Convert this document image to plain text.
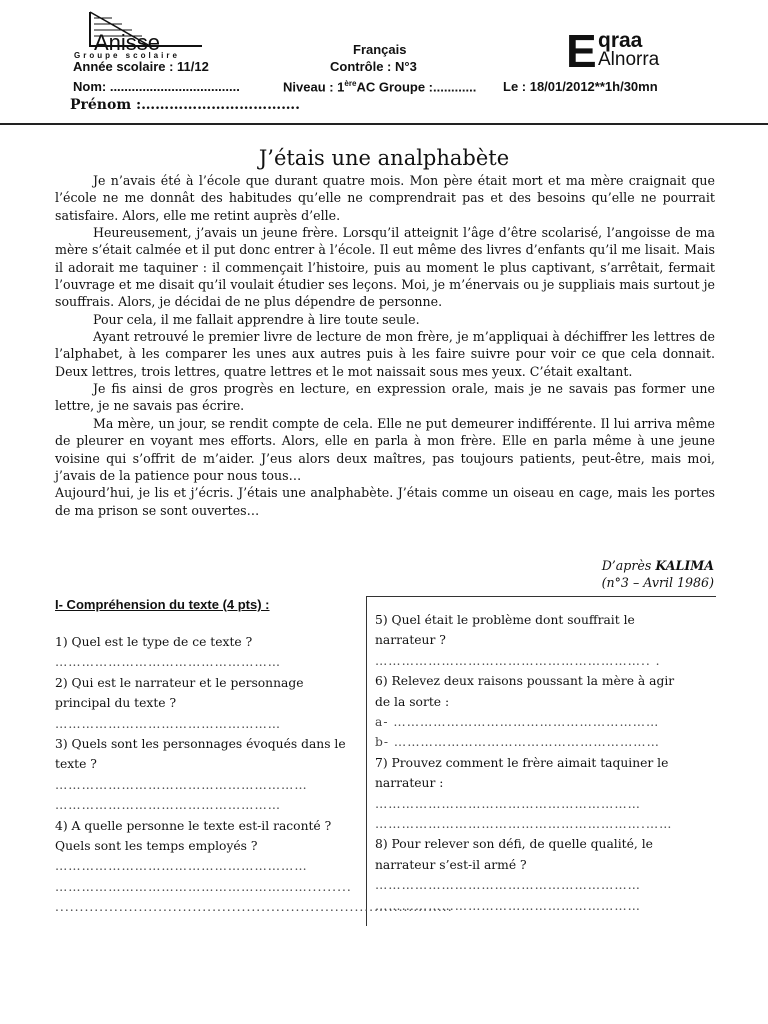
Anisse
Groupe scolaire	E qraa
Alnorra
Français
Année scolaire : 11/12	Contrôle : N°3
Nom: ....................................	Niveau : 1èreAC Groupe :............ Le : 18/01/2012**1h/30mn
Prénom :…………………………….
J’étais une analphabète

Je n’avais été à l’école que durant quatre mois. Mon père était mort et ma mère craignait que l’école ne me donnât des habitudes qu’elle ne comprendrait pas et des besoins qu’elle ne pourrait satisfaire. Alors, elle me retint auprès d’elle.

Heureusement, j’avais un jeune frère. Lorsqu’il atteignit l’âge d’être scolarisé, l’angoisse de ma mère s’était calmée et il put donc entrer à l’école. Il eut même des livres d’enfants qu’il me lisait. Mais il adorait me taquiner : il commençait l’histoire, puis au moment le plus captivant, s’arrêtait, fermait l’ouvrage et me disait qu’il voulait étudier ses leçons. Moi, je m’énervais ou je suppliais mais surtout je souffrais. Alors, je décidai de ne plus dépendre de personne.

Pour cela, il me fallait apprendre à lire toute seule.

Ayant retrouvé le premier livre de lecture de mon frère, je m’appliquai à déchiffrer les lettres de l’alphabet, à les comparer les unes aux autres puis à les faire suivre pour voir ce que cela donnait. Deux lettres, trois lettres, quatre lettres et le mot naissait sous mes yeux. C’était exaltant.

Je fis ainsi de gros progrès en lecture, en expression orale, mais je ne savais pas former une lettre, je ne savais pas écrire.

Ma mère, un jour, se rendit compte de cela. Elle ne put demeurer indifférente. Il lui arriva même de pleurer en voyant mes efforts. Alors, elle en parla à mon frère. Elle en parla même à une jeune voisine qui s’offrit de m’aider. J’eus alors deux maîtres, pas toujours patients, peut-être, mais moi, j’avais de la patience pour nous tous…

Aujourd’hui, je lis et j’écris. J’étais une analphabète. J’étais comme un oiseau en cage, mais les portes de ma prison se sont ouvertes…

D’après KALIMA
(n°3 – Avril 1986)
I- Compréhension du texte (4 pts) :

1) Quel est le type de ce texte ?

……………………………………………

2) Qui est le narrateur et le personnage principal du texte ?

……………………………………………

3) Quels sont les personnages évoqués dans le texte ?

…………………………………………………

……………………………………………

4) A quelle personne le texte est-il raconté ? Quels sont les temps employés ?

…………………………………………………

………………………………………………….........

.................................................................................

5) Quel était le problème dont souffrait le narrateur ?

…………………………………………………….. .

6) Relevez deux raisons poussant la mère à agir de la sorte :

a- ……………………………………………………

b- ……………………………………………………

7) Prouvez comment le frère aimait taquiner le narrateur :

……………………………………………………

…………………………………………………….……

8) Pour relever son défi, de quelle qualité, le narrateur s’est-il armé ?

……………………………………………………

……………………………………………………
